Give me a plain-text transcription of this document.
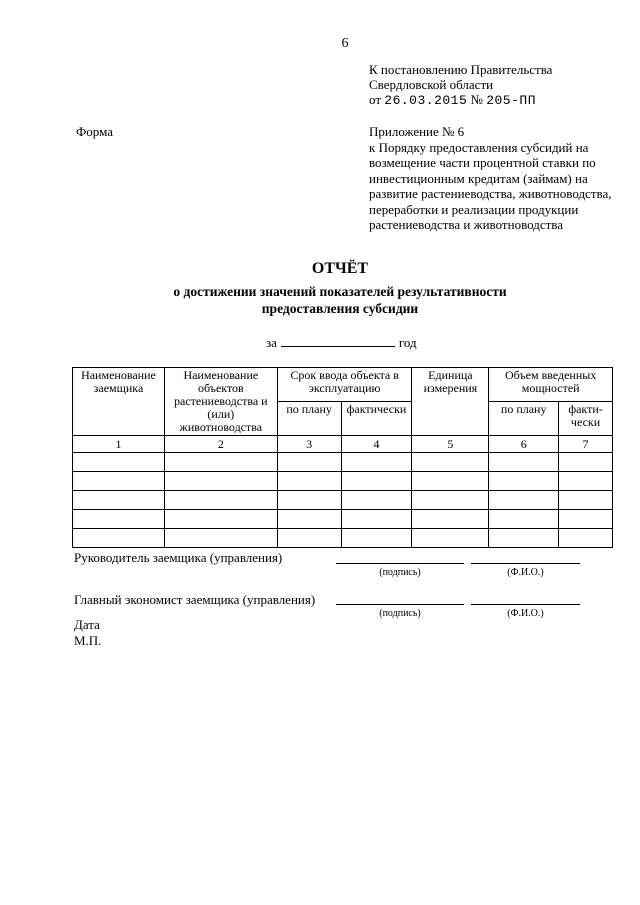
6
К постановлению Правительства
Свердловской области
от 26.03.2015 № 205-ПП
Форма	Приложение № 6
к Порядку предоставления субсидий на
возмещение части процентной ставки по
инвестиционным кредитам (займам) на
развитие растениеводства, животноводства,
переработки и реализации продукции
растениеводства и животноводства
ОТЧЁТ
о достижении значений показателей результативности
предоставления субсидии
за	год
Наименование заемщика	Наименование объектов растениеводства и (или) животноводства	Срок ввода объекта в эксплуатацию		Единица измерения	Объем введенных мощностей	
		по плану	фактически		по плану	факти-чески
1	2	3	4	5	6	7

Руководитель заемщика (управления)
(подпись)	(Ф.И.О.)
Главный экономист заемщика (управления)
(подпись)	(Ф.И.О.)
Дата
М.П.
